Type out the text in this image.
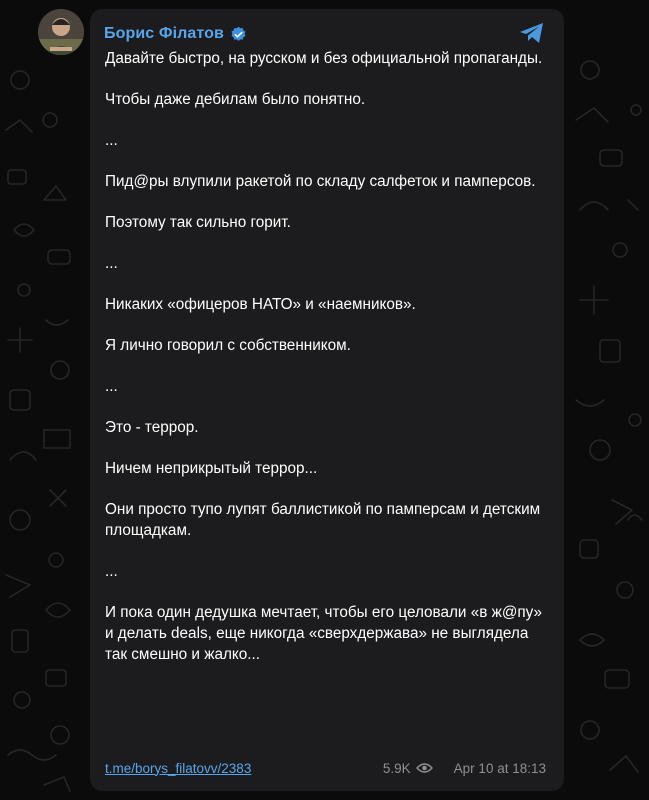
Борис Філатов

Давайте быстро, на русском и без официальной пропаганды.

Чтобы даже дебилам было понятно.

...

Пид@ры влупили ракетой по складу салфеток и памперсов.

Поэтому так сильно горит.

...

Никаких «офицеров НАТО» и «наемников».

Я лично говорил с собственником.

...

Это - террор.

Ничем неприкрытый террор...

Они просто тупо лупят баллистикой по памперсам и детским площадкам.

...

И пока один дедушка мечтает, чтобы его целовали «в ж@пу» и делать deals, еще никогда «сверхдержава» не выглядела так смешно и жалко...

t.me/borys_filatovv/2383	5.9K	Apr 10 at 18:13
